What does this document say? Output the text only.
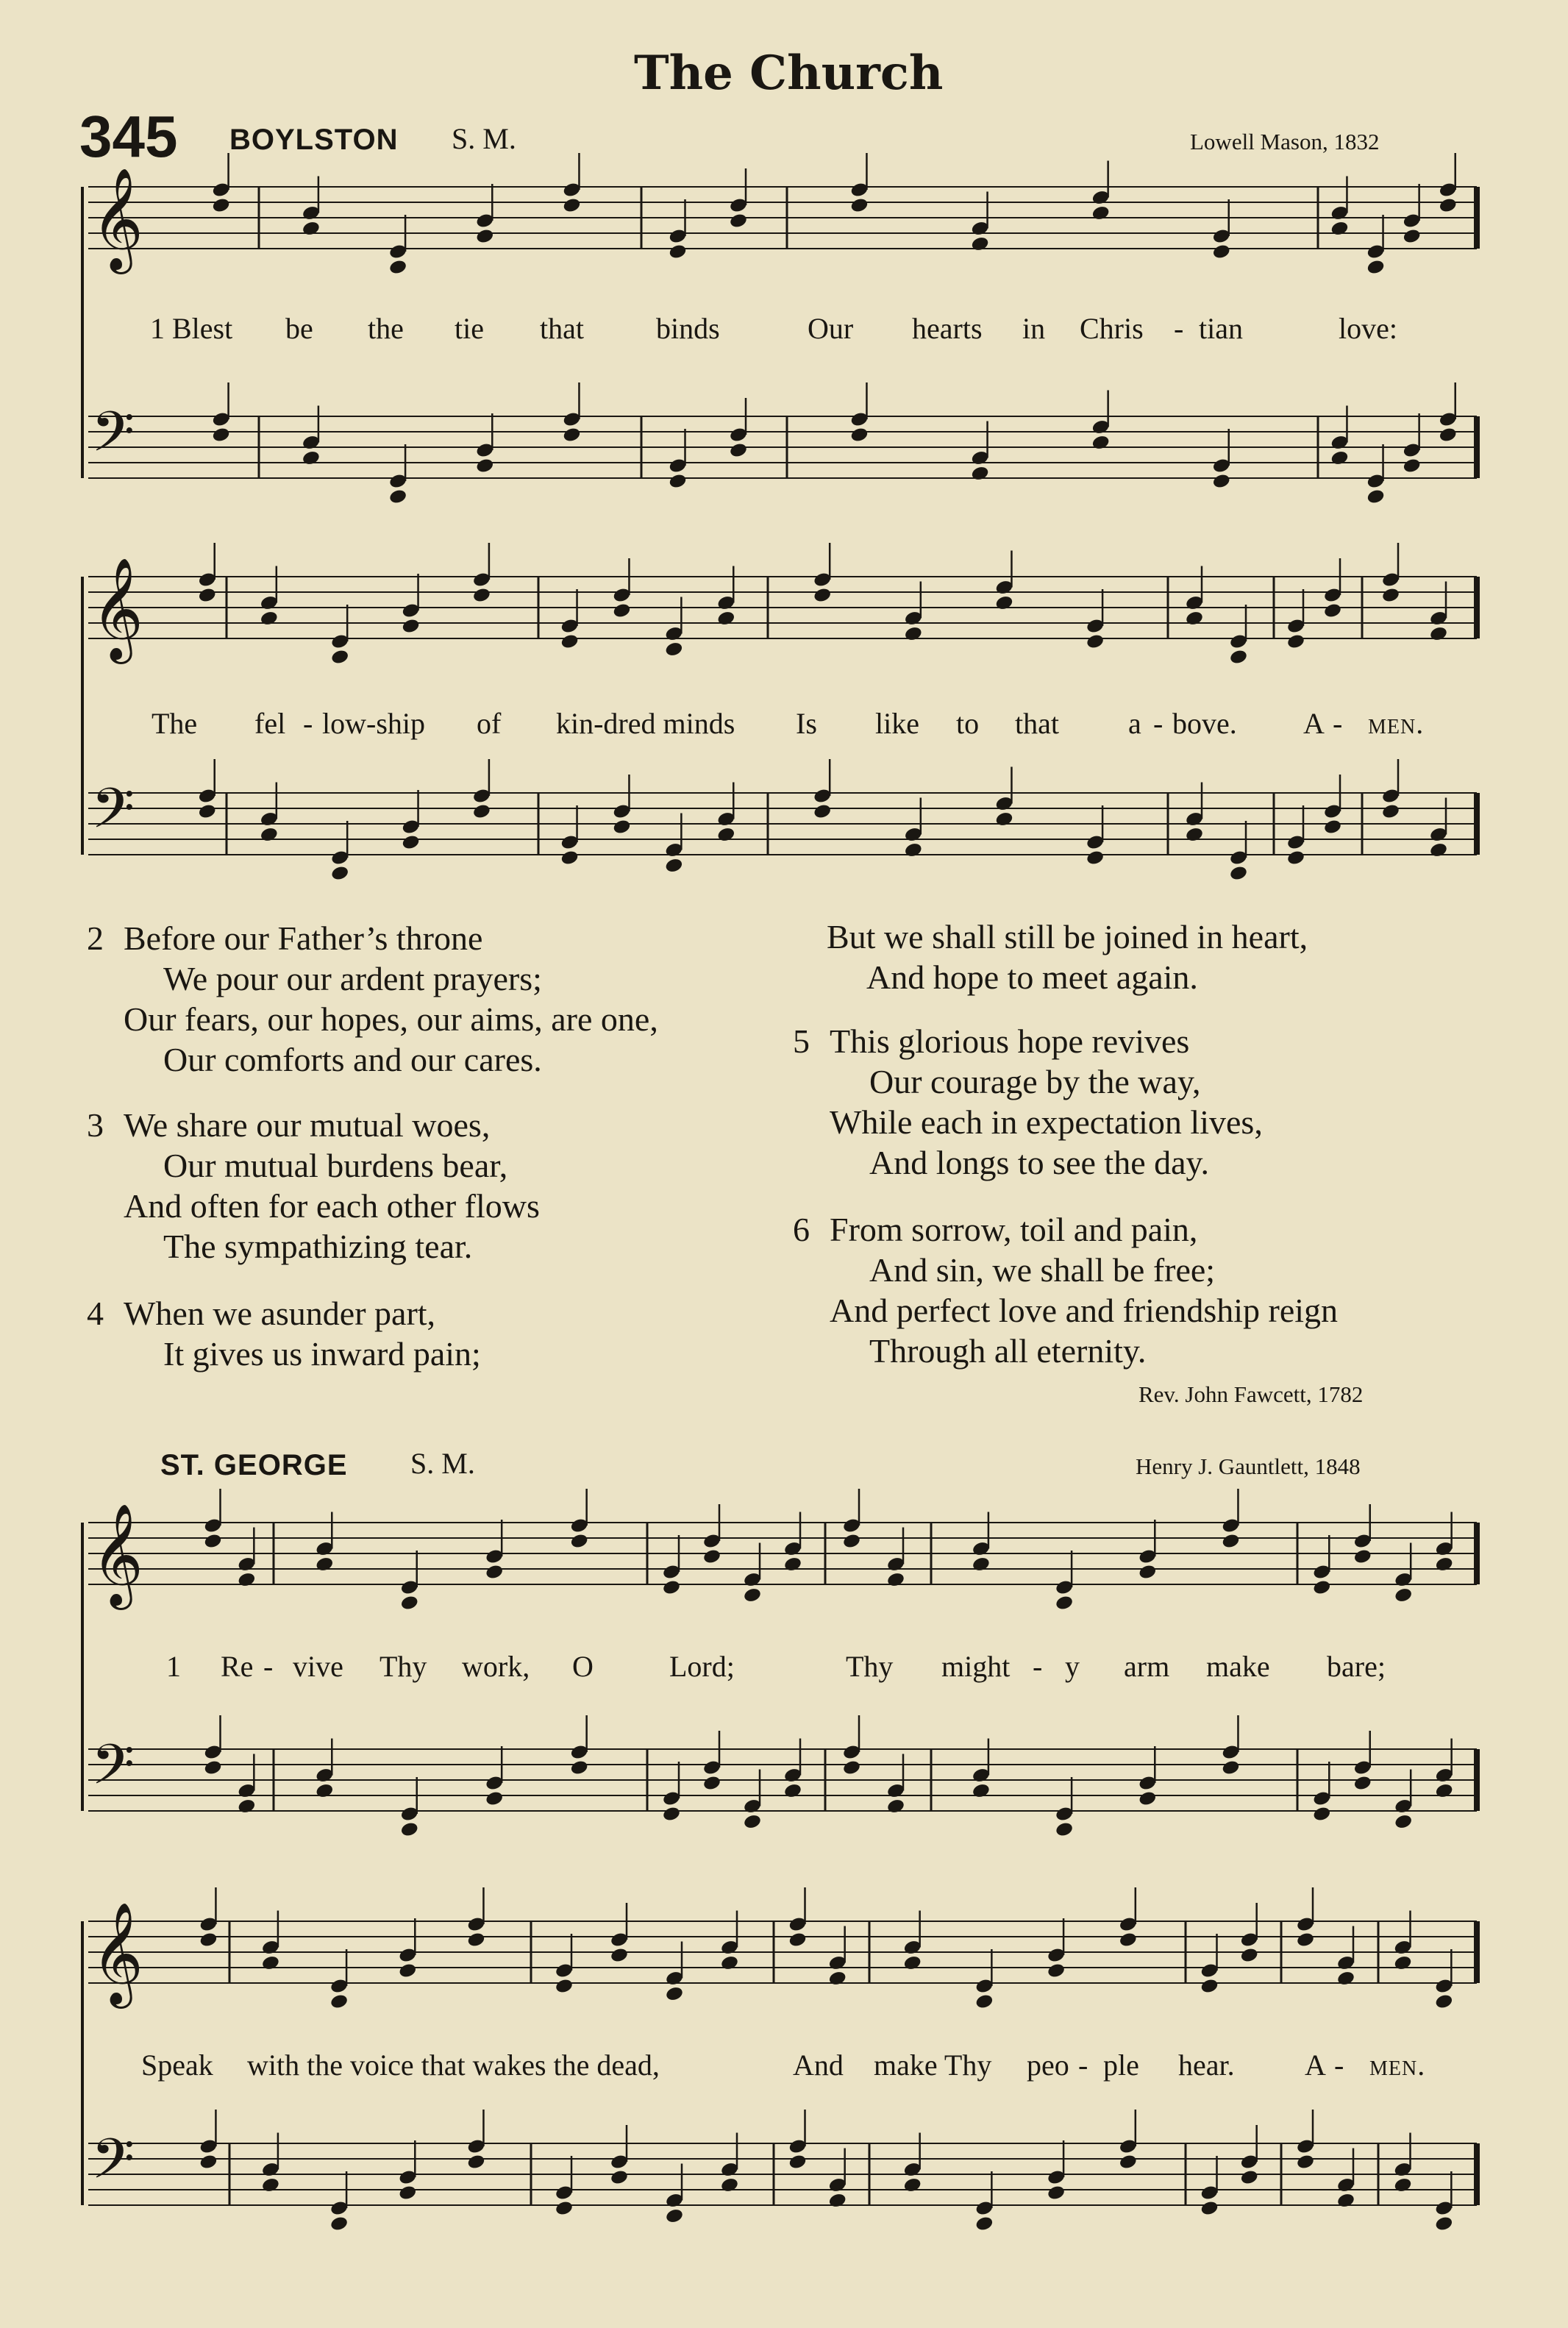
The Church
345 BOYLSTON S. M.	Lowell Mason, 1832
𝄞
𝄢
𝄞
𝄢
𝄞
𝄢
𝄞
𝄢
1 Blest be the tie that binds	Our hearts in Chris - tian	love:
The fel - low-ship of kin-dred minds Is like to that a - bove. A - men.
2 Before our Father’s throne
We pour our ardent prayers;
Our fears, our hopes, our aims, are one,
Our comforts and our cares.
3 We share our mutual woes,
Our mutual burdens bear,
And often for each other flows
The sympathizing tear.
4 When we asunder part,
It gives us inward pain;
But we shall still be joined in heart,
And hope to meet again.
5 This glorious hope revives
Our courage by the way,
While each in expectation lives,
And longs to see the day.
6 From sorrow, toil and pain,
And sin, we shall be free;
And perfect love and friendship reign
Through all eternity.
Rev. John Fawcett, 1782
ST. GEORGE S. M.	Henry J. Gauntlett, 1848
1 Re - vive Thy work, O	Lord;	Thy might - y arm make bare;
Speak with the voice that wakes the dead,	And make Thy peo - ple hear. A - men.
